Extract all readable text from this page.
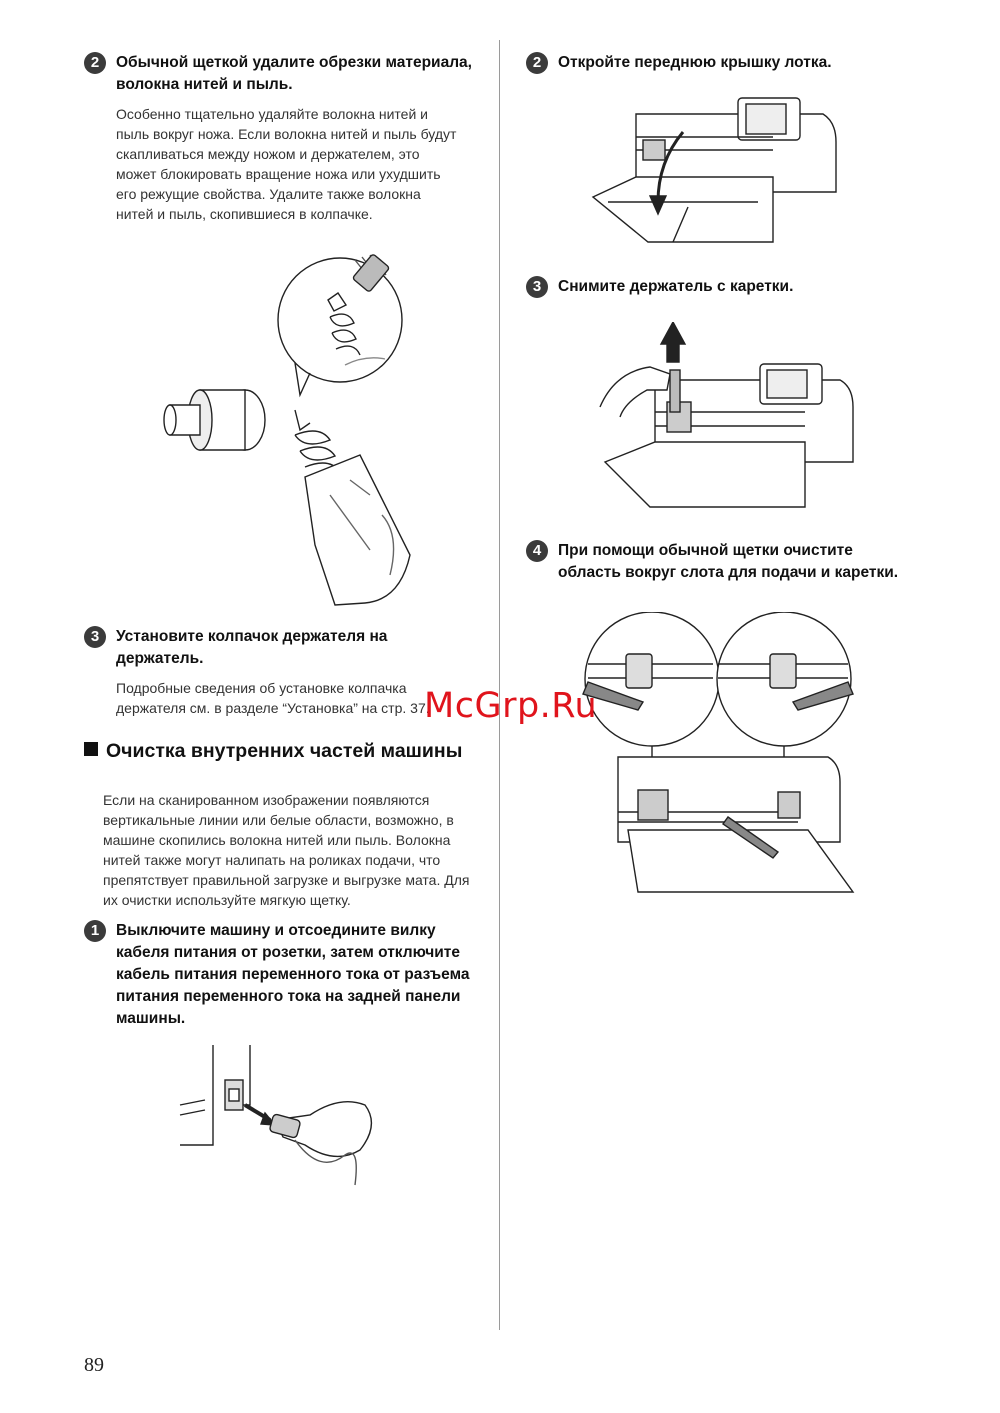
2	Обычной щеткой удалите обрезки материала, волокна нитей и пыль.
Особенно тщательно удаляйте волокна нитей и пыль вокруг ножа. Если волокна нитей и пыль будут скапливаться между ножом и держателем, это может блокировать вращение ножа или ухудшить его режущие свойства. Удалите также волокна нитей и пыль, скопившиеся в колпачке.
3	Установите колпачок держателя на держатель.
Подробные сведения об установке колпачка держателя см. в разделе “Установка” на стр. 37.
Очистка внутренних частей машины
Если на сканированном изображении появляются вертикальные линии или белые области, возможно, в машине скопились волокна нитей или пыль. Волокна нитей также могут налипать на роликах подачи, что препятствует правильной загрузке и выгрузке мата. Для их очистки используйте мягкую щетку.
1	Выключите машину и отсоедините вилку кабеля питания от розетки, затем отключите кабель питания переменного тока от разъема питания переменного тока на задней панели машины.
2	Откройте переднюю крышку лотка.
3	Снимите держатель с каретки.
4	При помощи обычной щетки очистите область вокруг слота для подачи и каретки.
McGrp.Ru
89
